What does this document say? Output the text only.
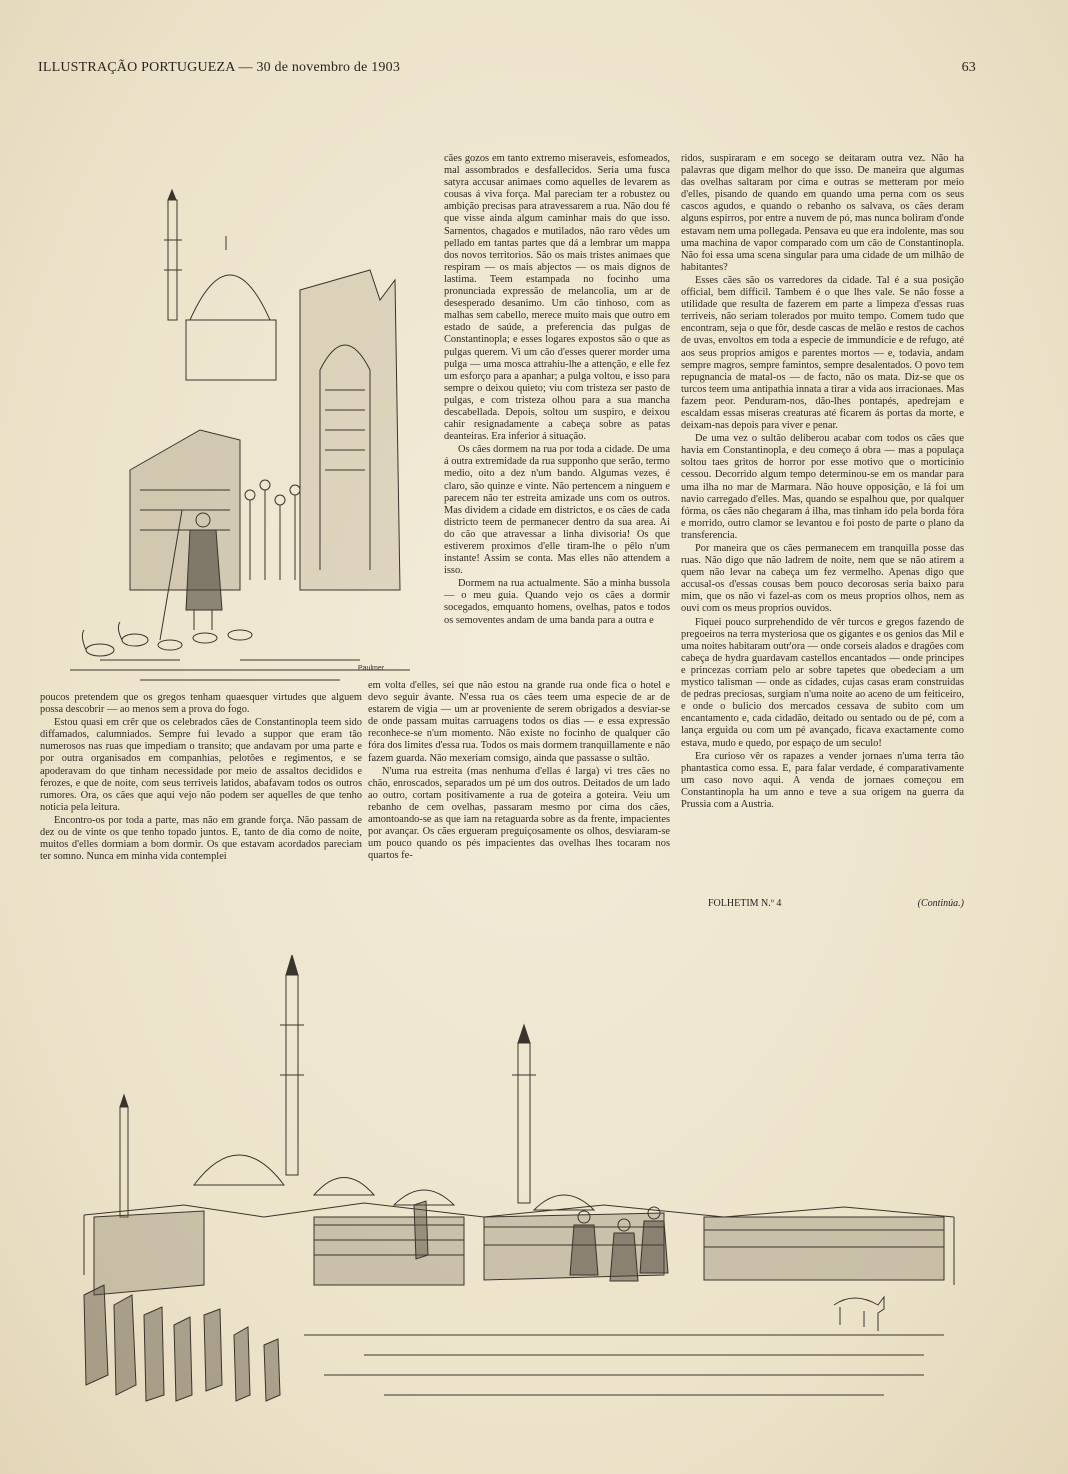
ILLUSTRAÇÃO PORTUGUEZA — 30 de novembro de 1903	63
Paulmer

poucos pretendem que os gregos tenham quaesquer virtudes que alguem possa descobrir — ao menos sem a prova do fogo.

Estou quasi em crêr que os celebrados cães de Constantinopla teem sido diffamados, calumniados. Sempre fui levado a suppor que eram tão numerosos nas ruas que impediam o transito; que andavam por uma parte e por outra organisados em companhias, pelotões e regimentos, e se apoderavam do que tinham necessidade por meio de assaltos decididos e ferozes, e que de noite, com seus terriveis latidos, abafavam todos os outros rumores. Ora, os cães que aqui vejo não podem ser aquelles de que tenho noticia pela leitura.

Encontro-os por toda a parte, mas não em grande força. Não passam de dez ou de vinte os que tenho topado juntos. E, tanto de dia como de noite, muitos d'elles dormiam a bom dormir. Os que estavam acordados pareciam ter somno. Nunca em minha vida contemplei

cães gozos em tanto extremo miseraveis, esfomeados, mal assombrados e desfallecidos. Seria uma fusca satyra accusar animaes como aquelles de levarem as cousas á viva força. Mal pareciam ter a robustez ou ambição precisas para atravessarem a rua. Não dou fé que visse ainda algum caminhar mais do que isso. Sarnentos, chagados e mutilados, não raro vêdes um pellado em tantas partes que dá a lembrar um mappa dos novos territorios. São os mais tristes animaes que respiram — os mais abjectos — os mais dignos de lastima. Teem estampada no focinho uma pronunciada expressão de melancolia, um ar de desesperado desanimo. Um cão tinhoso, com as malhas sem cabello, merece muito mais que outro em estado de saúde, a preferencia das pulgas de Constantinopla; e esses logares expostos são o que as pulgas querem. Vi um cão d'esses querer morder uma pulga — uma mosca attrahiu-lhe a attenção, e elle fez um esforço para a apanhar; a pulga voltou, e isso para sempre o deixou quieto; viu com tristeza ser pasto de pulgas, e com tristeza olhou para a sua mancha descabellada. Depois, soltou um suspiro, e deixou cahir resignadamente a cabeça sobre as patas deanteiras. Era inferior á situação.

Os cães dormem na rua por toda a cidade. De uma á outra extremidade da rua supponho que serão, termo medio, oito a dez n'um bando. Algumas vezes, é claro, são quinze e vinte. Não pertencem a ninguem e parecem não ter estreita amizade uns com os outros. Mas dividem a cidade em districtos, e os cães de cada districto teem de permanecer dentro da sua area. Ai do cão que atravessar a linha divisoria! Os que estiverem proximos d'elle tiram-lhe o pêlo n'um instante! Assim se conta. Mas elles não attendem a isso.

Dormem na rua actualmente. São a minha bussola — o meu guia. Quando vejo os cães a dormir socegados, emquanto homens, ovelhas, patos e todos os semoventes andam de uma banda para a outra e

em volta d'elles, sei que não estou na grande rua onde fica o hotel e devo seguir ávante. N'essa rua os cães teem uma especie de ar de estarem de vigia — um ar proveniente de serem obrigados a desviar-se de onde passam muitas carruagens todos os dias — e essa expressão reconhece-se n'um momento. Não existe no focinho de qualquer cão fóra dos limites d'essa rua. Todos os mais dormem tranquillamente e não fazem guarda. Não mexeriam comsigo, ainda que passasse o sultão.

N'uma rua estreita (mas nenhuma d'ellas é larga) vi tres cães no chão, enroscados, separados um pé um dos outros. Deitados de um lado ao outro, cortam positivamente a rua de goteira a goteira. Veiu um rebanho de cem ovelhas, passaram mesmo por cima dos cães, amontoando-se as que iam na retaguarda sobre as da frente, impacientes por avançar. Os cães ergueram preguiçosamente os olhos, desviaram-se um pouco quando os pés impacientes das ovelhas lhes tocaram nos quartos fe-

ridos, suspiraram e em socego se deitaram outra vez. Não ha palavras que digam melhor do que isso. De maneira que algumas das ovelhas saltaram por cima e outras se metteram por meio d'elles, pisando de quando em quando uma perna com os seus cascos agudos, e quando o rebanho os salvava, os cães deram alguns espirros, por entre a nuvem de pó, mas nunca boliram d'onde estavam nem uma pollegada. Pensava eu que era indolente, mas sou uma machina de vapor comparado com um cão de Constantinopla. Não foi essa uma scena singular para uma cidade de um milhão de habitantes?

Esses cães são os varredores da cidade. Tal é a sua posição official, bem difficil. Tambem é o que lhes vale. Se não fosse a utilidade que resulta de fazerem em parte a limpeza d'essas ruas terriveis, não seriam tolerados por muito tempo. Comem tudo que encontram, seja o que fôr, desde cascas de melão e restos de cachos de uvas, envoltos em toda a especie de immundicie e de refugo, até aos seus proprios amigos e parentes mortos — e, todavia, andam sempre magros, sempre famintos, sempre desalentados. O povo tem repugnancia de matal-os — de facto, não os mata. Diz-se que os turcos teem uma antipathia innata a tirar a vida aos irracionaes. Mas fazem peor. Penduram-nos, dão-lhes pontapés, apedrejam e escaldam essas miseras creaturas até ficarem ás portas da morte, e deixam-nas depois para viver e penar.

De uma vez o sultão deliberou acabar com todos os cães que havia em Constantinopla, e deu começo á obra — mas a populaça soltou taes gritos de horror por esse motivo que o morticinio cessou. Decorrido algum tempo determinou-se em os mandar para uma ilha no mar de Marmara. Não houve opposição, e lá foi um navio carregado d'elles. Mas, quando se espalhou que, por qualquer fórma, os cães não chegaram á ilha, mas tinham ido pela borda fóra e morrido, outro clamor se levantou e foi posto de parte o plano da transferencia.

Por maneira que os cães permanecem em tranquilla posse das ruas. Não digo que não ladrem de noite, nem que se não atirem a quem não levar na cabeça um fez vermelho. Apenas digo que accusal-os d'essas cousas bem pouco decorosas seria baixo para mim, que os não vi fazel-as com os meus proprios olhos, nem as ouvi com os meus proprios ouvidos.

Fiquei pouco surprehendido de vêr turcos e gregos fazendo de pregoeiros na terra mysteriosa que os gigantes e os genios das Mil e uma noites habitaram outr'ora — onde corseis alados e dragões com cabeça de hydra guardavam castellos encantados — onde principes e princezas corriam pelo ar sobre tapetes que obedeciam a um mystico talisman — onde as cidades, cujas casas eram construidas de pedras preciosas, surgiam n'uma noite ao aceno de um feiticeiro, e onde o bulicio dos mercados cessava de subito com um encantamento e, cada cidadão, deitado ou sentado ou de pé, com a lança erguida ou com um pé avançado, ficava exactamente como estava, mudo e quedo, por espaço de um seculo!

Era curioso vêr os rapazes a vender jornaes n'uma terra tão phantastica como essa. E, para falar verdade, é comparativamente um caso novo aqui. A venda de jornaes começou em Constantinopla ha um anno e teve a sua origem na guerra da Prussia com a Austria.

FOLHETIM N.º 4	(Continúa.)
